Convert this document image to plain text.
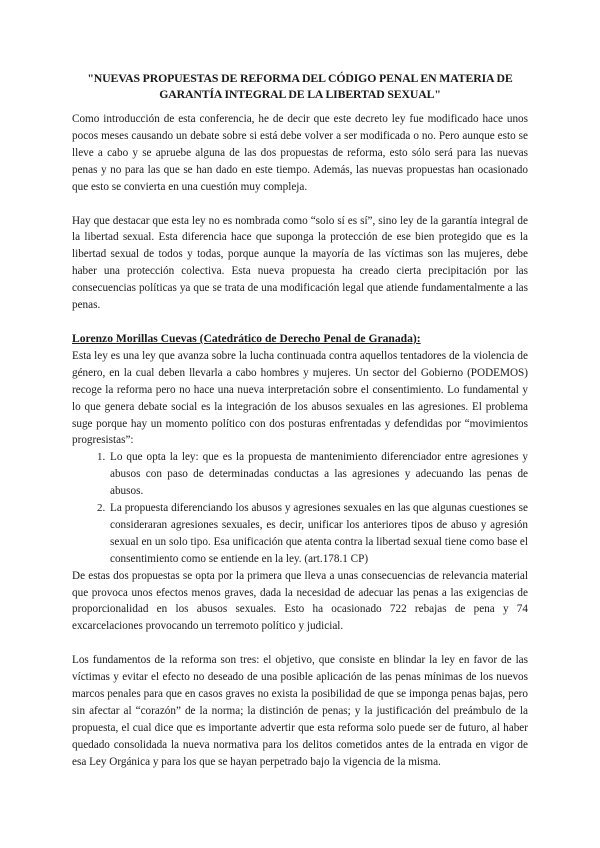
"NUEVAS PROPUESTAS DE REFORMA DEL CÓDIGO PENAL EN MATERIA DE GARANTÍA INTEGRAL DE LA LIBERTAD SEXUAL"

Como introducción de esta conferencia, he de decir que este decreto ley fue modificado hace unos pocos meses causando un debate sobre si está debe volver a ser modificada o no. Pero aunque esto se lleve a cabo y se apruebe alguna de las dos propuestas de reforma, esto sólo será para las nuevas penas y no para las que se han dado en este tiempo. Además, las nuevas propuestas han ocasionado que esto se convierta en una cuestión muy compleja.

Hay que destacar que esta ley no es nombrada como “solo sí es sí”, sino ley de la garantía integral de la libertad sexual. Esta diferencia hace que suponga la protección de ese bien protegido que es la libertad sexual de todos y todas, porque aunque la mayoría de las víctimas son las mujeres, debe haber una protección colectiva. Esta nueva propuesta ha creado cierta precipitación por las consecuencias políticas ya que se trata de una modificación legal que atiende fundamentalmente a las penas.

Lorenzo Morillas Cuevas (Catedrático de Derecho Penal de Granada):

Esta ley es una ley que avanza sobre la lucha continuada contra aquellos tentadores de la violencia de género, en la cual deben llevarla a cabo hombres y mujeres. Un sector del Gobierno (PODEMOS) recoge la reforma pero no hace una nueva interpretación sobre el consentimiento. Lo fundamental y lo que genera debate social es la integración de los abusos sexuales en las agresiones. El problema suge porque hay un momento político con dos posturas enfrentadas y defendidas por “movimientos progresistas”:

1. Lo que opta la ley: que es la propuesta de mantenimiento diferenciador entre agresiones y abusos con paso de determinadas conductas a las agresiones y adecuando las penas de abusos.
2. La propuesta diferenciando los abusos y agresiones sexuales en las que algunas cuestiones se consideraran agresiones sexuales, es decir, unificar los anteriores tipos de abuso y agresión sexual en un solo tipo. Esa unificación que atenta contra la libertad sexual tiene como base el consentimiento como se entiende en la ley. (art.178.1 CP)

De estas dos propuestas se opta por la primera que lleva a unas consecuencias de relevancia material que provoca unos efectos menos graves, dada la necesidad de adecuar las penas a las exigencias de proporcionalidad en los abusos sexuales. Esto ha ocasionado 722 rebajas de pena y 74 excarcelaciones provocando un terremoto político y judicial.

Los fundamentos de la reforma son tres: el objetivo, que consiste en blindar la ley en favor de las víctimas y evitar el efecto no deseado de una posible aplicación de las penas mínimas de los nuevos marcos penales para que en casos graves no exista la posibilidad de que se imponga penas bajas, pero sin afectar al “corazón” de la norma; la distinción de penas; y la justificación del preámbulo de la propuesta, el cual dice que es importante advertir que esta reforma solo puede ser de futuro, al haber quedado consolidada la nueva normativa para los delitos cometidos antes de la entrada en vigor de esa Ley Orgánica y para los que se hayan perpetrado bajo la vigencia de la misma.
